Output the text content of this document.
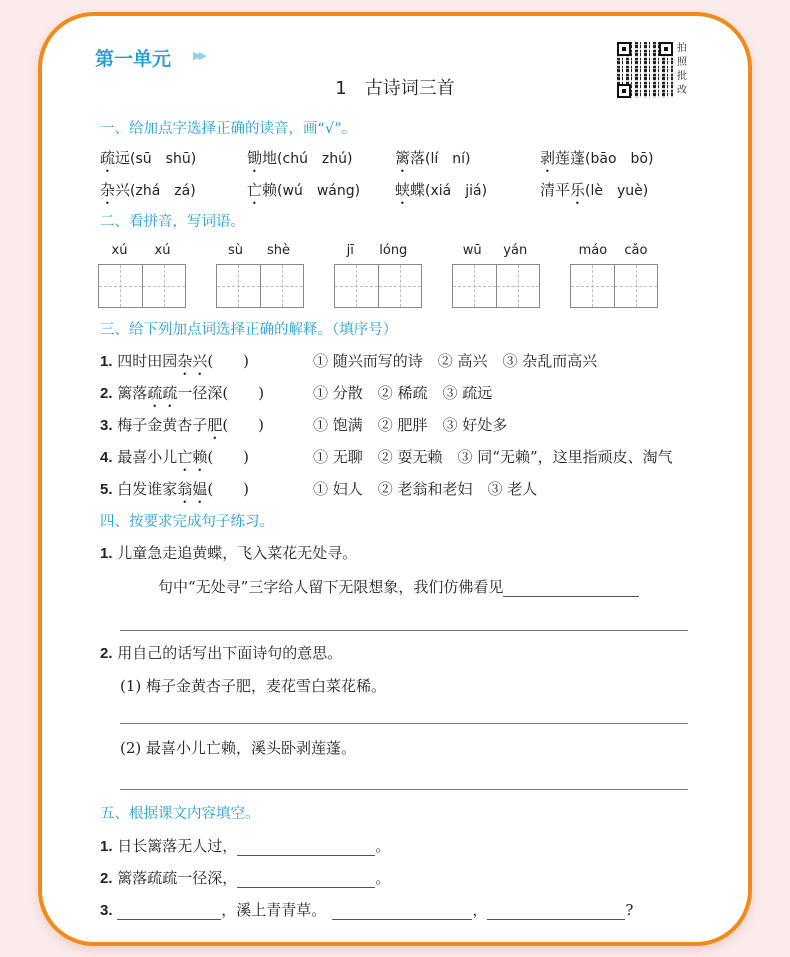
第一单元 ▶▶
拍照批改
1 古诗词三首
一、给加点字选择正确的读音，画“√”。
疏远(sū　shū)	锄地(chú　zhú)	篱落(lí　ní)	剥莲蓬(bāo　bō)
杂兴(zhá　zá)	亡赖(wú　wáng) 蛱蝶(xiá　jiá)	清平乐(lè　yuè)
二、看拼音，写词语。
xú xú	sù shè	jī lóng	wū yán	máo cǎo
三、给下列加点词选择正确的解释。（填序号）
1. 四时田园杂兴(　　)	① 随兴而写的诗　② 高兴　③ 杂乱而高兴
2. 篱落疏疏一径深(　　)	① 分散　② 稀疏　③ 疏远
3. 梅子金黄杏子肥(　　)	① 饱满　② 肥胖　③ 好处多
4. 最喜小儿亡赖(　　)	① 无聊　② 耍无赖　③ 同“无赖”，这里指顽皮、淘气
5. 白发谁家翁媪(　　)	① 妇人　② 老翁和老妇　③ 老人
四、按要求完成句子练习。
1. 儿童急走追黄蝶，飞入菜花无处寻。
句中“无处寻”三字给人留下无限想象，我们仿佛看见
2. 用自己的话写出下面诗句的意思。
(1) 梅子金黄杏子肥，麦花雪白菜花稀。
(2) 最喜小儿亡赖，溪头卧剥莲蓬。
五、根据课文内容填空。
1. 日长篱落无人过，	。
2. 篱落疏疏一径深，	。
3.	，溪上青青草。	，	?
